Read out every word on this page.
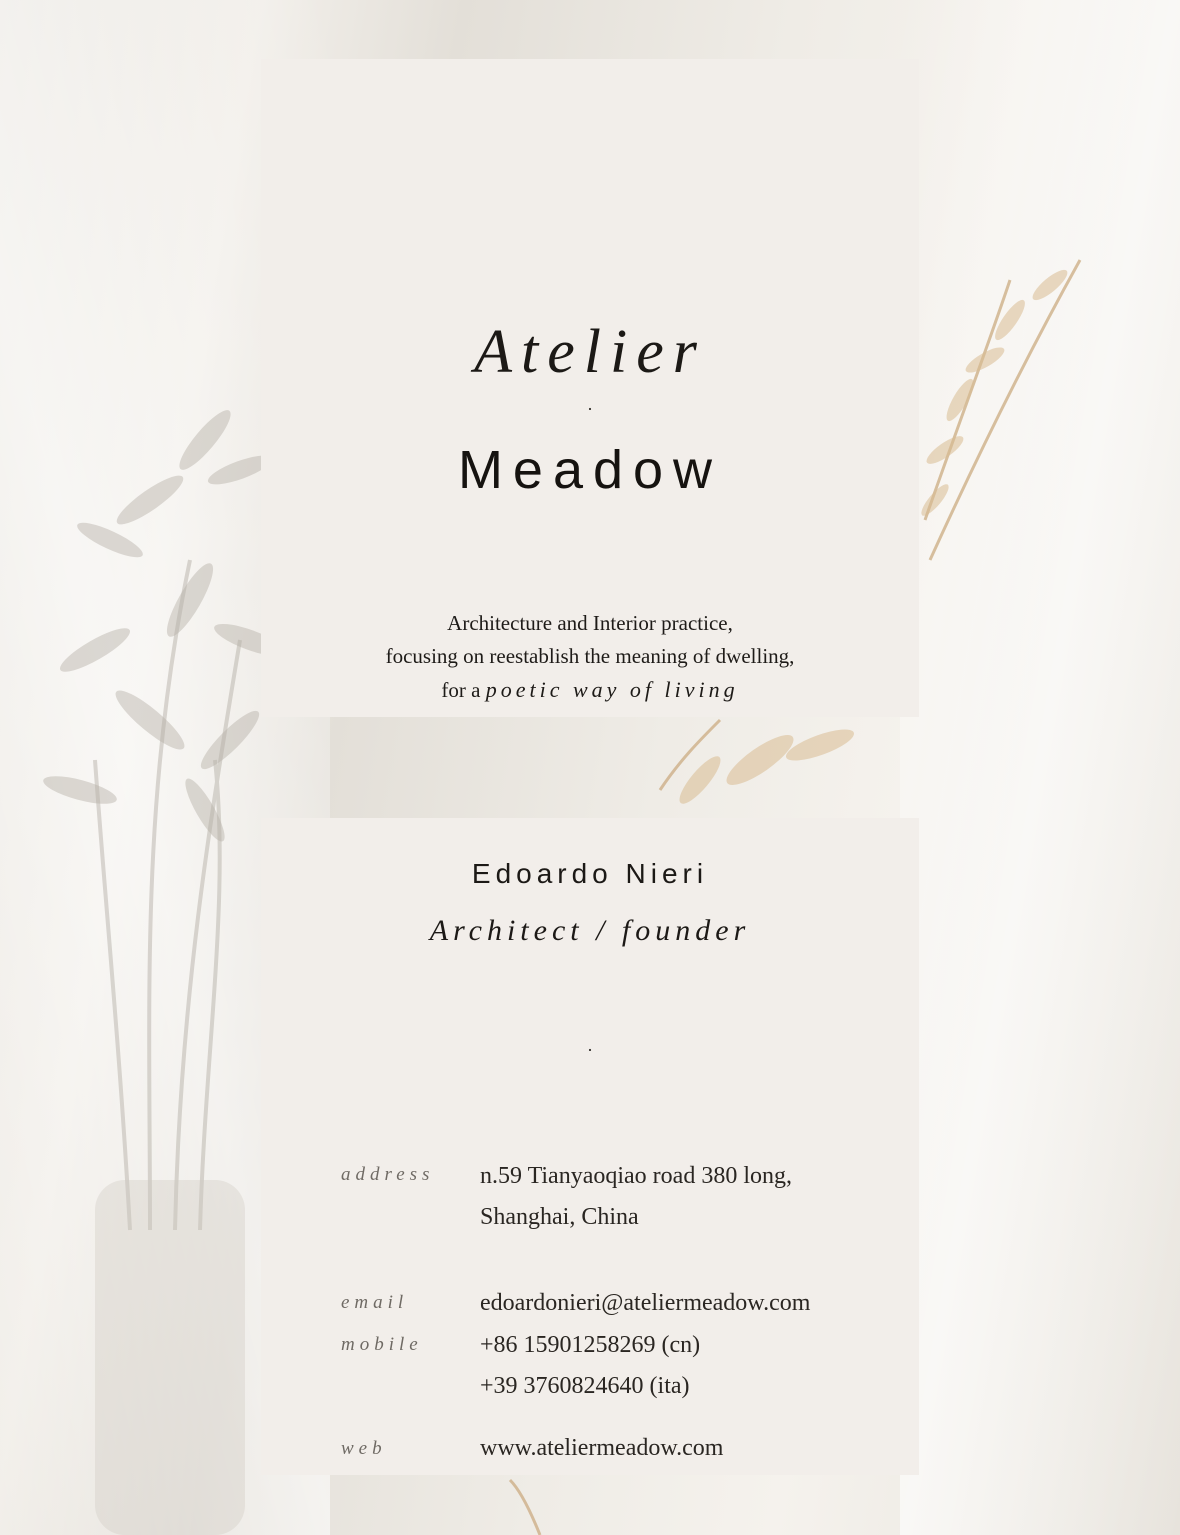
Atelier
·
Meadow
Architecture and Interior practice,
focusing on reestablish the meaning of dwelling,
for a poetic way of living
Edoardo Nieri
Architect / founder
·
address n.59 Tianyaoqiao road 380 long,
Shanghai, China
email	edoardonieri@ateliermeadow.com
mobile +86 15901258269 (cn)
+39 3760824640 (ita)
web	www.ateliermeadow.com
